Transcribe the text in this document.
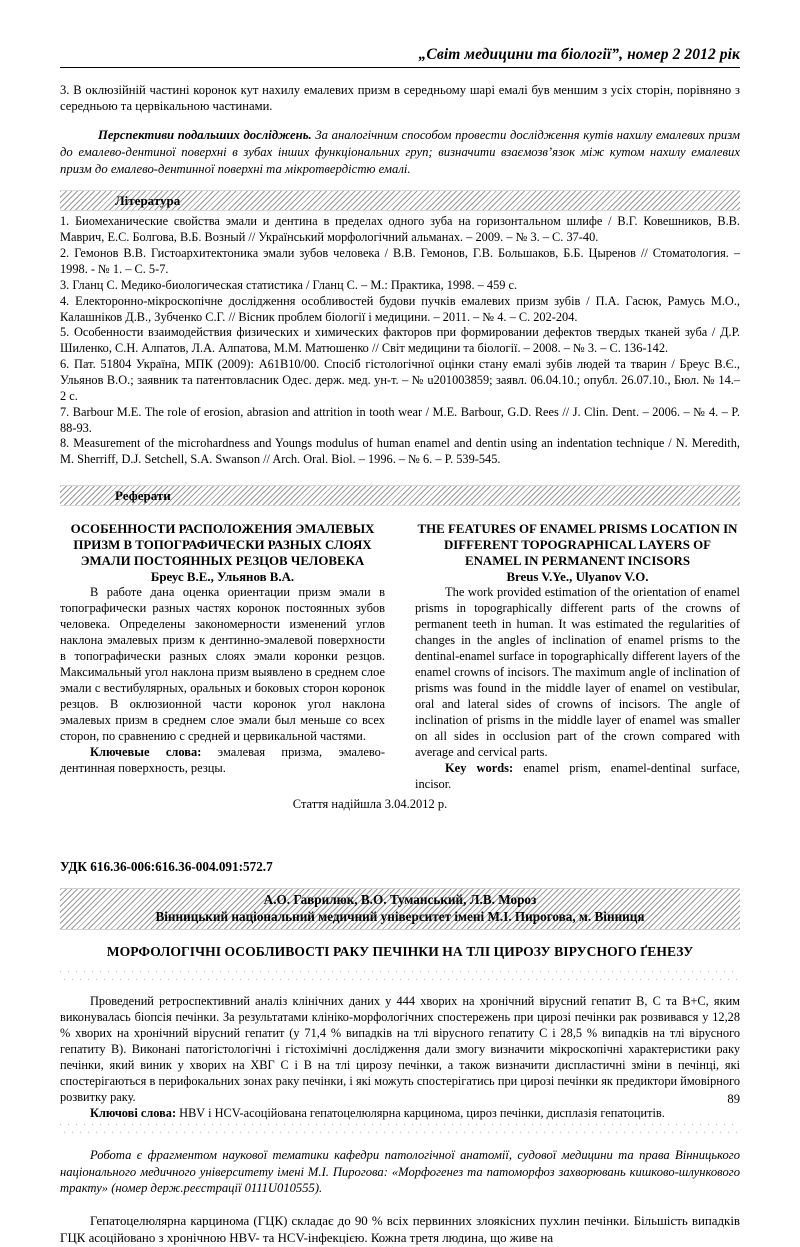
„Світ медицини та біології”, номер 2 2012 рік

3. В оклюзійній частині коронок кут нахилу емалевих призм в середньому шарі емалі був меншим з усіх сторін, порівняно з середньою та цервікальною частинами.

Перспективи подальших досліджень. За аналогічним способом провести дослідження кутів нахилу емалевих призм до емалево-дентиної поверхні в зубах інших функціональних груп; визначити взаємозв’язок між кутом нахилу емалевих призм до емалево-дентинної поверхні та мікротвердістю емалі.

Література

1. Биомеханические свойства эмали и дентина в пределах одного зуба на горизонтальном шлифе / В.Г. Ковешников, В.В. Маврич, Е.С. Болгова, В.Б. Возный // Український морфологічний альманах. – 2009. – № 3. – С. 37-40.

2. Гемонов В.В. Гистоархитектоника эмали зубов человека / В.В. Гемонов, Г.В. Большаков, Б.Б. Цыренов // Стоматология. – 1998. - № 1. – С. 5-7.

3. Гланц С. Медико-биологическая статистика / Гланц С. – М.: Практика, 1998. – 459 с.

4. Електоронно-мікроскопічне дослідження особливостей будови пучків емалевих призм зубів / П.А. Гасюк, Рамусь М.О., Калашніков Д.В., Зубченко С.Г. // Вісник проблем біології і медицини. – 2011. – № 4. – С. 202-204.

5. Особенности взаимодействия физических и химических факторов при формировании дефектов твердых тканей зуба / Д.Р. Шиленко, С.Н. Алпатов, Л.А. Алпатова, М.М. Матюшенко // Світ медицини та біології. – 2008. – № 3. – С. 136-142.

6. Пат. 51804 Україна, МПК (2009): А61В10/00. Спосіб гістологічної оцінки стану емалі зубів людей та тварин / Бреус В.Є., Ульянов В.О.; заявник та патентовласник Одес. держ. мед. ун-т. – № u201003859; заявл. 06.04.10.; опубл. 26.07.10., Бюл. № 14.– 2 с.

7. Barbour M.E. The role of erosion, abrasion and attrition in tooth wear / M.E. Barbour, G.D. Rees // J. Clin. Dent. – 2006. – № 4. – P. 88-93.

8. Measurement of the microhardness and Youngs modulus of human enamel and dentin using an indentation technique / N. Meredith, M. Sherriff, D.J. Setchell, S.A. Swanson // Arch. Oral. Biol. – 1996. – № 6. – P. 539-545.

Реферати
ОСОБЕННОСТИ РАСПОЛОЖЕНИЯ ЭМАЛЕВЫХ ПРИЗМ В ТОПОГРАФИЧЕСКИ РАЗНЫХ СЛОЯХ ЭМАЛИ ПОСТОЯННЫХ РЕЗЦОВ ЧЕЛОВЕКА
Бреус В.Е., Ульянов В.А.

В работе дана оценка ориентации призм эмали в топографически разных частях коронок постоянных зубов человека. Определены закономерности изменений углов наклона эмалевых призм к дентинно-эмалевой поверхности в топографически разных слоях эмали коронки резцов. Максимальный угол наклона призм выявлено в среднем слое эмали с вестибулярных, оральных и боковых сторон коронок резцов. В оклюзионной части коронок угол наклона эмалевых призм в среднем слое эмали был меньше со всех сторон, по сравнению с средней и цервикальной частями.

Ключевые слова: эмалевая призма, эмалево-дентинная поверхность, резцы.

THE FEATURES OF ENAMEL PRISMS LOCATION IN DIFFERENT TOPOGRAPHICAL LAYERS OF ENAMEL IN PERMANENT INCISORS
Breus V.Ye., Ulyanov V.O.

The work provided estimation of the orientation of enamel prisms in topographically different parts of the crowns of permanent teeth in human. It was estimated the regularities of changes in the angles of inclination of enamel prisms to the dentinal-enamel surface in topographically different layers of the enamel crowns of incisors. The maximum angle of inclination of prisms was found in the middle layer of enamel on vestibular, oral and lateral sides of crowns of incisors. The angle of inclination of prisms in the middle layer of enamel was smaller on all sides in occlusion part of the crown compared with average and cervical parts.

Key words: enamel prism, enamel-dentinal surface, incisor.

Стаття надійшла 3.04.2012 р.
УДК 616.36-006:616.36-004.091:572.7
А.О. Гаврилюк, В.О. Туманський, Л.В. Мороз
Вінницький національний медичний університет імені М.І. Пирогова, м. Вінниця
МОРФОЛОГІЧНІ ОСОБЛИВОСТІ РАКУ ПЕЧІНКИ НА ТЛІ ЦИРОЗУ ВІРУСНОГО ҐЕНЕЗУ

Проведений ретроспективний аналіз клінічних даних у 444 хворих на хронічний вірусний гепатит В, С та В+С, яким виконувалась біопсія печінки. За результатами клініко-морфологічних спостережень при цирозі печінки рак розвивався у 12,28 % хворих на хронічний вірусний гепатит (у 71,4 % випадків на тлі вірусного гепатиту С і 28,5 % випадків на тлі вірусного гепатиту В). Виконані патогістологічні і гістохімічні дослідження дали змогу визначити мікроскопічні характеристики раку печінки, який виник у хворих на ХВГ С і В на тлі цирозу печінки, а також визначити диспластичні зміни в печінці, які спостерігаються в перифокальних зонах раку печінки, і які можуть спостерігатись при цирозі печінки як предиктори ймовірного розвитку раку.

Ключові слова: HBV і HCV-асоційована гепатоцелюлярна карцинома, цироз печінки, дисплазія гепатоцитів.

Робота є фрагментом наукової тематики кафедри патологічної анатомії, судової медицини та права Вінницького національного медичного університету імені М.І. Пирогова: «Морфогенез та патоморфоз захворювань кишково-шлункового тракту» (номер держ.реєстрації 0111U010555).

Гепатоцелюлярна карцинома (ГЦК) складає до 90 % всіх первинних злоякісних пухлин печінки. Більшість випадків ГЦК асоційовано з хронічною HBV- та HCV-інфекцією. Кожна третя людина, що живе на

89
